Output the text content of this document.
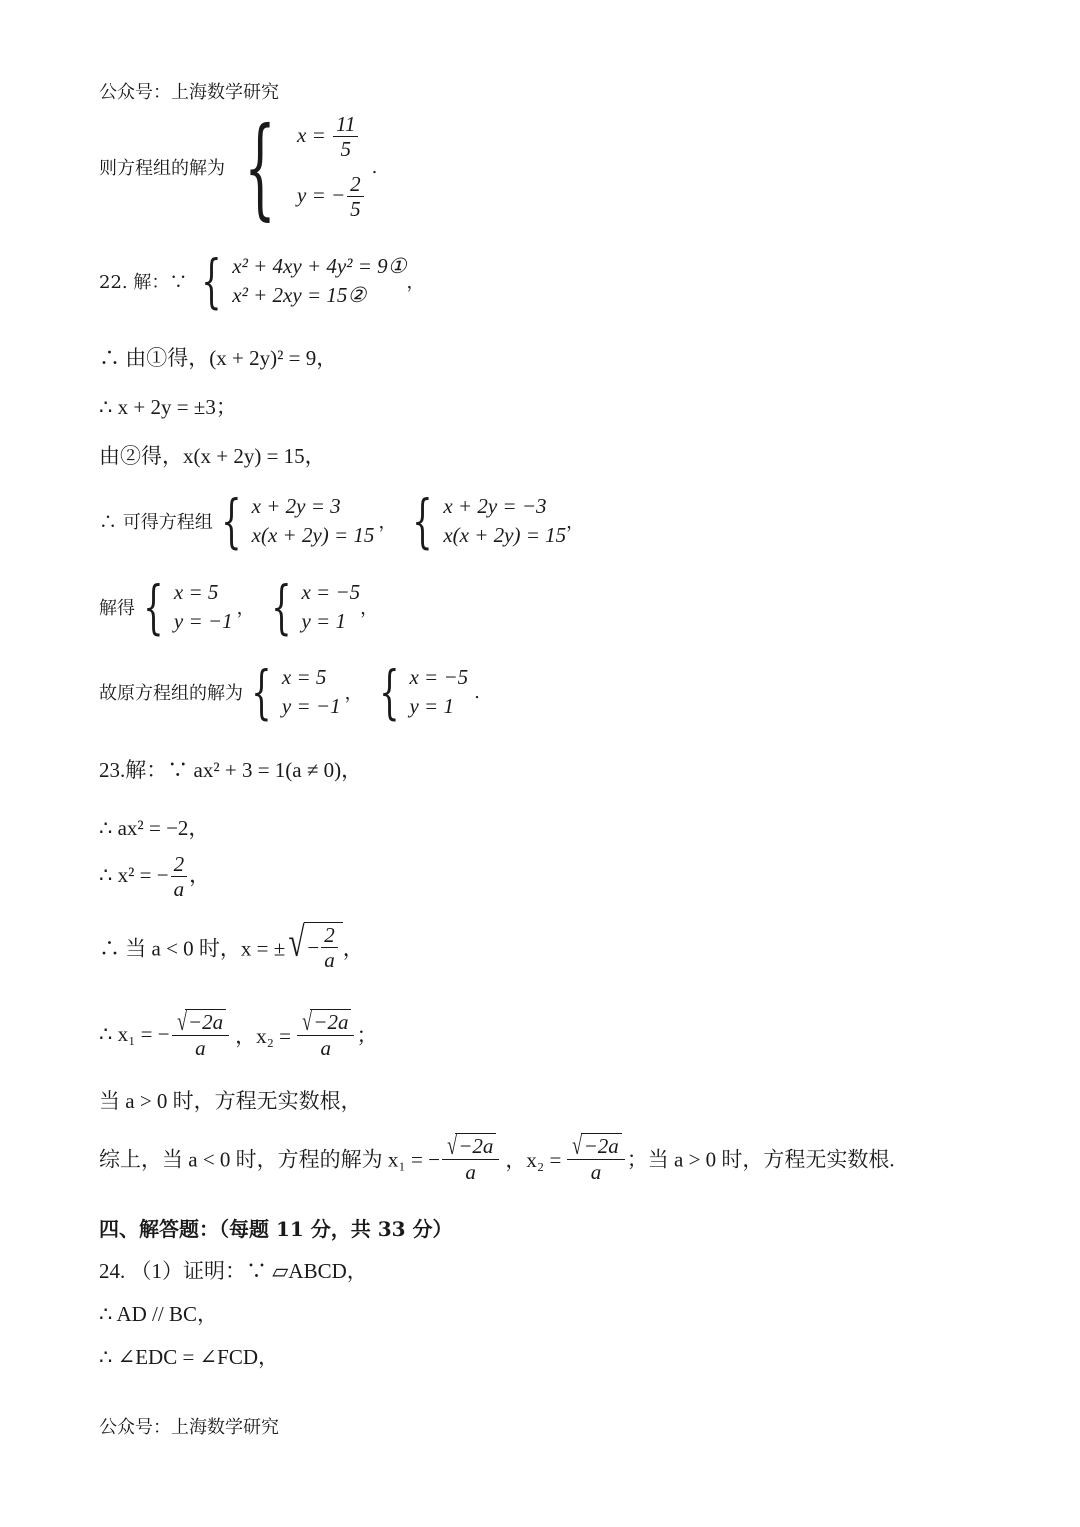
公众号：上海数学研究
则方程组的解为 { $x = \frac{11}{5}$
y = − $\frac{2}{5}$
.
22. 解：∵ { x² + 4xy + 4y² = 9①
x² + 2xy = 15②
，
∴ 由①得，(x + 2y)² = 9，
∴ x + 2y = ±3；
由②得，x(x + 2y) = 15，
∴ 可得方程组 { x + 2y = 3
x(x + 2y) = 15
， { x + 2y = −3
x(x + 2y) = 15
，
解得 { x = 5
y = −1
， { x = −5
y = 1
，
故原方程组的解为 { x = 5
y = −1
， { x = −5
y = 1
.
23.解：∵ ax² + 3 = 1(a ≠ 0)，
∴ ax² = −2，
∴ x² = − $\frac{2}{a}$ ，
∴ 当 a < 0 时，x = ± √ − $\frac{2}{a}$ ，
∴ x₁ = − $\frac{√ -2a}{a}$ ，$x_2 = \frac{√ -2a}{a}$ ；
当 a > 0 时，方程无实数根，
综上，当 a < 0 时，方程的解为 x₁ = − $\frac{√ -2a}{a}$ ，$x_2 = \frac{√ -2a}{a}$ ；当 a > 0 时，方程无实数根.
四、解答题：（每题 11 分，共 33 分）
24. （1）证明：∵ ▱ABCD，
∴ AD // BC，
∴ ∠EDC = ∠FCD，
公众号：上海数学研究
